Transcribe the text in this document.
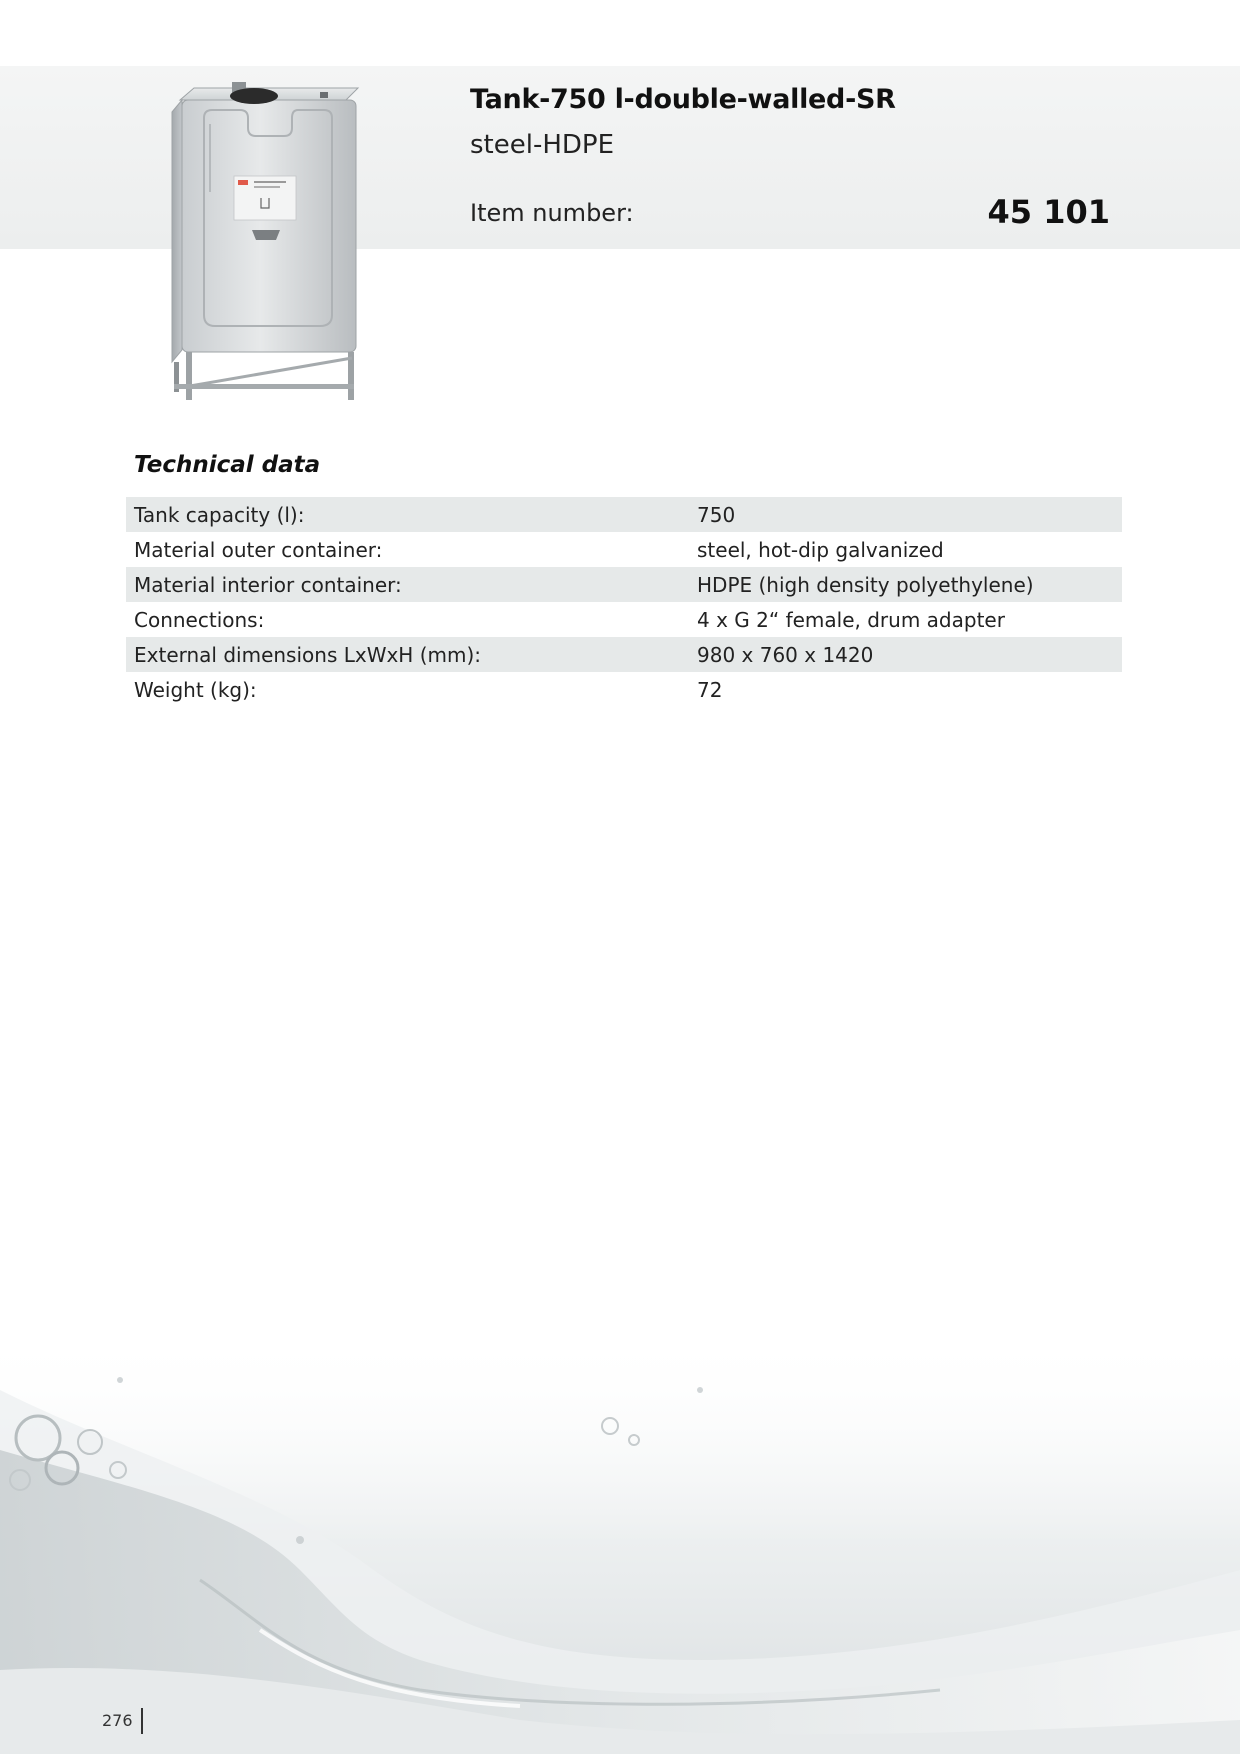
Tank-750 l-double-walled-SR
steel-HDPE
Item number:	45 101
Technical data
Tank capacity (l):	750
Material outer container:	steel, hot-dip galvanized
Material interior container:	HDPE (high density polyethylene)
Connections:	4 x G 2“ female, drum adapter
External dimensions LxWxH (mm):	980 x 760 x 1420
Weight (kg):	72
276
